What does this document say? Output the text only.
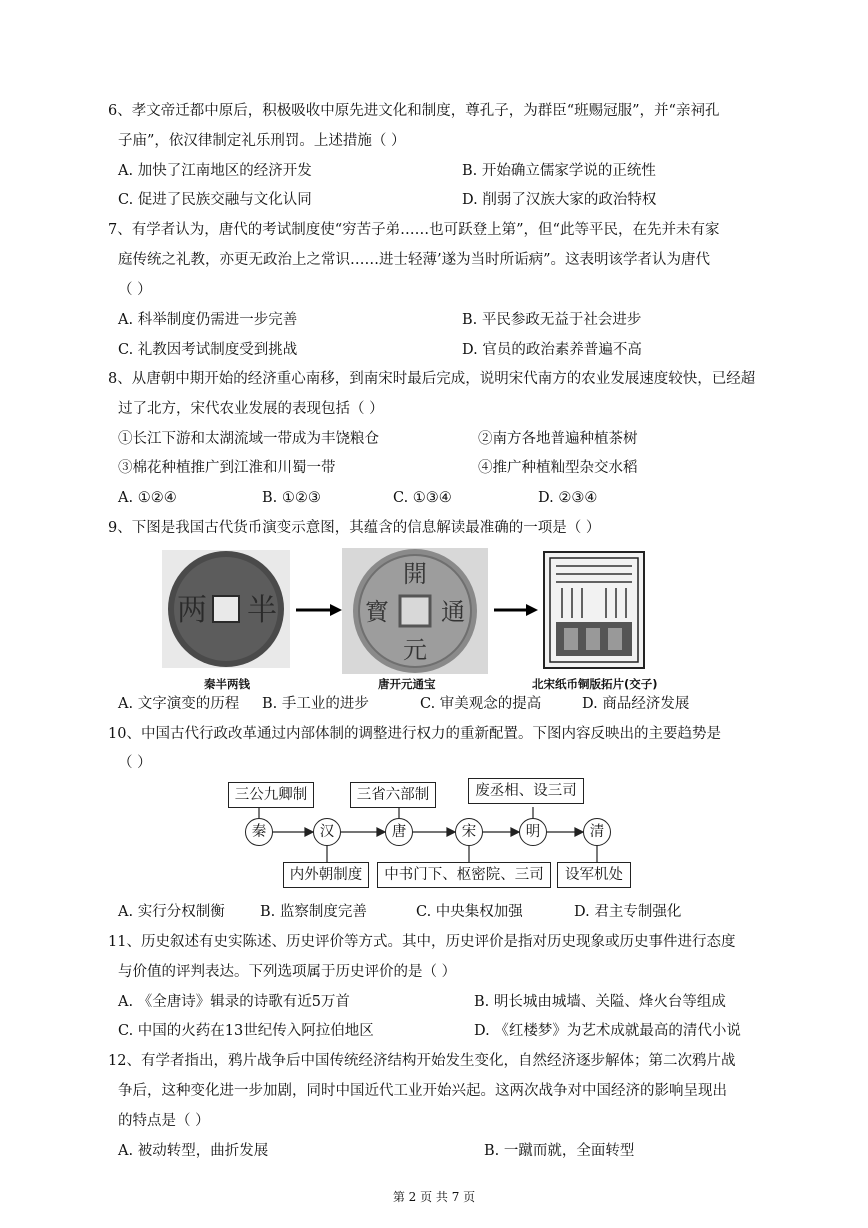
6、孝文帝迁都中原后，积极吸收中原先进文化和制度，尊孔子，为群臣“班赐冠服”，并“亲祠孔
子庙”，依汉律制定礼乐刑罚。上述措施（ ）
A. 加快了江南地区的经济开发	B. 开始确立儒家学说的正统性
C. 促进了民族交融与文化认同	D. 削弱了汉族大家的政治特权
7、有学者认为，唐代的考试制度使“穷苦子弟……也可跃登上第”，但“此等平民，在先并未有家
庭传统之礼教，亦更无政治上之常识……进士轻薄’遂为当时所诟病”。这表明该学者认为唐代
（ ）
A. 科举制度仍需进一步完善	B. 平民参政无益于社会进步
C. 礼教因考试制度受到挑战	D. 官员的政治素养普遍不高
8、从唐朝中期开始的经济重心南移，到南宋时最后完成，说明宋代南方的农业发展速度较快，已经超
过了北方，宋代农业发展的表现包括（ ）
①长江下游和太湖流域一带成为丰饶粮仓	②南方各地普遍种植茶树
③棉花种植推广到江淮和川蜀一带	④推广种植籼型杂交水稻
A. ①②④	B. ①②③	C. ①③④	D. ②③④
9、下图是我国古代货币演变示意图，其蕴含的信息解读最准确的一项是（ ）
两 半
開
通
元
寳
秦半两钱	唐开元通宝	北宋纸币铜版拓片(交子)
A. 文字演变的历程 B. 手工业的进步	C. 审美观念的提高	D. 商品经济发展
10、中国古代行政改革通过内部体制的调整进行权力的重新配置。下图内容反映出的主要趋势是
（ ）
三公九卿制	三省六部制	废丞相、设三司
秦	汉	唐	宋	明	清
内外朝制度	中书门下、枢密院、三司	设军机处
A. 实行分权制衡 B. 监察制度完善	C. 中央集权加强	D. 君主专制强化
11、历史叙述有史实陈述、历史评价等方式。其中，历史评价是指对历史现象或历史事件进行态度
与价值的评判表达。下列选项属于历史评价的是（ ）
A. 《全唐诗》辑录的诗歌有近5万首	B. 明长城由城墙、关隘、烽火台等组成
C. 中国的火药在13世纪传入阿拉伯地区	D. 《红楼梦》为艺术成就最高的清代小说
12、有学者指出，鸦片战争后中国传统经济结构开始发生变化，自然经济逐步解体；第二次鸦片战
争后，这种变化进一步加剧，同时中国近代工业开始兴起。这两次战争对中国经济的影响呈现出
的特点是（ ）
A. 被动转型，曲折发展	B. 一蹴而就，全面转型
第 2 页 共 7 页
